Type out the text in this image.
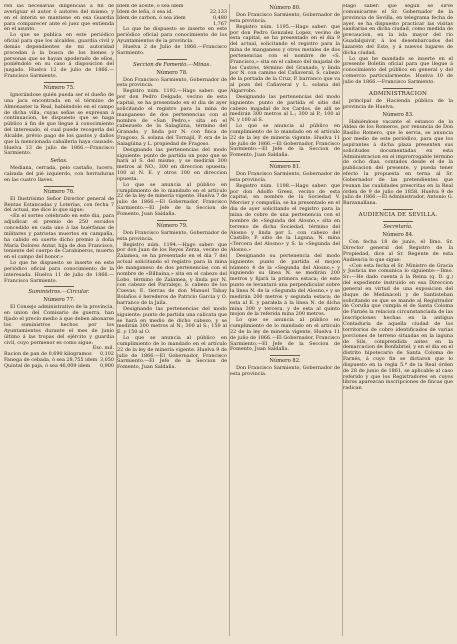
ren las necesarias diligencias á fin de averiguar el autor ó autores del mismo; y en el ínterin se mantiene en esa Guardia para comparecer ante el juez que entienda en el asunto.

Lo que se publica en este periódico oficial para que los alcaldes, guardia civil y demás dependientes de mi autoridad procedan á la busca de los bienes y personas que se hayan apoderado de ellos, poniéndolo en su caso á disposicion del juzgado. Huelva 12 de julio de 1866.—Francisco Sarmiento.

Número 75.

Ignorándose quién pueda ser el dueño de una jaca encontrada en el término de Almonaster la Real, habiéndolo en el campo de dicha villa, cuyas señas se expresan á continuacion, he dispuesto que se haga público á fin de que llegue á conocimiento del interesado, el cual puede recogerla del Alcalde, prévio pago de los gastos y daños que la mencionada caballería haya causado. Huelva 13 de julio de 1866.—Francisco Sarmiento.

Señas.

Mediana, cerrada, pelo castaño, lucero, calzada del pié izquierdo, con herraduras en las cuatro llaves.

Número 76.

El Ilustrísimo Señor Director general de Rentas Estancadas y Loterías, con fecha 7 del actual, me dice lo que sigue:

«En el sorteo celebrado en este dia, para adjudicar el premio de 250 escudos concedido en cada uno á las huérfanas de militares y patriotas muertos en campaña, ha cabido en suerte dicho premio á doña María Dolores Antar, hija de don Francisco, teniente del cuerpo de Carabineros, muerto en el campo del honor.»

Lo que he dispuesto se inserte en este periódico oficial para conocimiento de la interesada. Huelva 11 de julio de 1866.—Francisco Sarmiento.

Suministros.—Circular.
Número 77.

El Consejo administrativo de la provincia, en union del Comisario de guerra, han fijado el precio medio á que deben abonarse los suministros hechos por los Ayuntamientos durante el mes de junio último á las tropas del ejército y guardia civil, cuyo pormenor es como sigue:

Esc. mil.

Racion de pan de 0,690 kilogramos	0,102
Fanega de cebada, ó sea 28,755 idem 3,050
Quintal de paja, ó sea 46,009 idem	0,900
Idem de aceite, ó sea idem
Idem de leña, ó sea id.	22,133
Idem de carbon, ó sea idem	0,480
1,767

Lo que he dispuesto se inserte en este periódico oficial para conocimiento de los Ayuntamientos de la provincia.

Huelva 2 de Julio de 1866.—Francisco Sarmiento.

Seccion de Fomento.—Minas.
Número 78.

Don Francisco Sarmiento, Gobernador de esta provincia.

Registro núm. 1192.—Hago saber: que por don Pedro Delgado, vecino de esta capital, se ha presentado en el dia de ayer solicitando el registro para la mina de manganeso de dos pertenencias con el nombre de «San Pedro,» sita en el cabezuelo de la Salagüina, término del Granado, y linda por N. con finca de Fragoso, S. solana del Tornajil, P. era de la Salagüina y L. propiedad de Fragoso.

Designando las pertenencias del modo siguiente: punto de partida un pozo que se hará al S. del mismo, y se medirán 300 metros al NO.; 300 en direccion opuesta; 100 al N. E. y otros 100 en direccion opuesta.

Lo que se anuncia al público en cumplimiento de lo mandado en el artículo 22 de la ley de minería vigente. Huelva 7 de julio de 1866.—El Gobernador, Francisco Sarmiento.—El Jefe de la Seccion de Fomento, Juan Saldaña.

Número 79.

Don Francisco Sarmiento, Gobernador de esta provincia.

Registro núm. 1194.—Hago saber: que por don Juan de los Reyes Zerza, vecino de Zalamea, se ha presentado en el dia 7 del actual solicitando el registro para la mina de manganeso de dos pertenencias con el nombre de «Bilbaina,» sita en el cabezo del Lobo, término de Zalamea, y linda por N. con cabezo del Parralejo, S. cabezo de los Cuevas, E. tierras de don Manuel Tabay Bolaños ó herederos de Patricio Garcia y O. barranco de la Jaila.

Designando las pertenencias del modo siguiente: punto de partida una calicata que se hará en medio de dicho cabezo, y se medirán 300 metros al N.; 300 al S.; 150 al E. y 150 al O.

Lo que se anuncia al público en cumplimiento de lo mandado en el artículo 22 de la ley de minería vigente. Huelva 9 de julio de 1866.—El Gobernador, Francisco Sarmiento.—El Jefe de la Seccion de Fomento, Juan Saldaña.

Número 80.

Don Francisco Sarmiento, Gobernador de esta provincia.

Registro núm. 1195.—Hago saber: que por don Pedro Gonzalez Lopez, vecino de esta capital, se ha presentado en el dia 9 del actual, solicitando el registro para la mina de manganeso y otros metales de dos pertenencias con el nombre de «S. Francisco,» sita en el cabezo del majadal de los Castros, término del Granado, y linda por N. con camino del Cañaveral, S. cabezo de la portada de la Cruz, P. barranco que va al pozo del Cañaveral y L. solana del Algarrobo.

Designando las pertenencias del modo siguiente: punto de partida el sitio del cabezo majadal de los Cardos, de allí se medirán 300 metros al L.; 300 al P.; 100 al N. y 100 al S.

Lo que se anuncia al público en cumplimiento de lo mandado en el artículo 22 de la ley de minería vigente. Huelva 11 de julio de 1866.—El Gobernador, Francisco Sarmiento.—El Jefe de la Seccion de Fomento, Juan Saldaña.

Número 81.

Don Francisco Sarmiento, Gobernador de esta provincia.

Registro núm. 1198.—Hago saber: que por don Adolfo Greez, vecino de esta capital, en nombre de la Sociedad V. Mercier y compañía, se ha presentado en el dia de ayer solicitando el registro para la mina de cobre de una pertenencia con el nombre de «Segunda del Alosno,» sita en terreno de dicha Sociedad, término del Alosno y linda por L. con cabezo del Castillo, P. sitio de la Laguna, N. mina «Tercera del Alosno» y S. la «Segunda del Alosno.»

Designando su pertenencia del modo siguiente: punto de partida el mojon número 4 de la «Segunda del Alosno,» y siguiendo su línea N. se medirán 200 metros y fijará la primera estaca; de este punto se levantará una perpendicular sobre la línea N. de la «Segunda del Alosno,» y se medirán 200 metros y segunda estaca; de esta al E. y paralela á la línea N. de dicha mina 300 y tercera, y de esta al quinto mojon de la referida mina 200 metros.

Lo que se anuncia al público en cumplimiento de lo mandado en el artículo 22 de la ley de minería vigente. Huelva 11 de julio de 1866.—El Gobernador, Francisco Sarmiento.—El Jefe de la Seccion de Fomento, Juan Saldaña.

Número 82.

Don Francisco Sarmiento, Gobernador de esta provincia.

Hago saber: que según se sirve comunicarme el Sr. Gobernador de la provincia de Sevilla, en telegrama fecha de ayer, se ha dispuesto practicar las visitas sanitarias en dicha ciudad, como medida de precaucion, en la isla mayor del río Guadalquivir, á los desembarcados del lazareto del Este, y á nuevos lugares de dicha ciudad.

Lo que he mandado se inserte en el presente Boletín oficial para que llegue á conocimiento del público en general y del comercio particularmente. Huelva 10 de julio de 1866.—Francisco Sarmiento.

ADMINISTRACION

principal de Hacienda pública de la provincia de Huelva.

Número 83.

Habiéndose vacante el estanco de la Aldea de los Romeros, por renuncia de Don Basilio Romero, que le servia, se anuncia por medio de este periódico, para que los aspirantes á dicha plaza presenten sus solicitudes documentadas en esta Administracion en el improrrogable término de ocho dias, contados desde el de la publicacion del presente, y pueda tener efecto la propuesta en terna al Sr. Gobernador de las pretendientes que reunan las cualidades prescritas en la Real órden de 9 de julio de 1858. Huelva 9 de julio de 1866.—El Administrador, Antonio G. Barzanallana.

AUDIENCIA DE SEVILLA.
Secretaría.
Número 84.

Con fecha 18 de junio, el Ilmo. Sr. Director general del Registro de la Propiedad, dice al Sr. Regente de esta Audiencia lo que sigue:

«Con esta fecha el Sr. Ministro de Gracia y Justicia me comunica lo siguiente:—Ilmo. Sr.:—He dado cuenta á la Reina (q. D. g.) del expediente instruido en esa Direccion general en virtud de una exposicion del duque de Medinaceli y de Santisteban solicitando se que se mande al Registrador de Coruña que cumpla el de Santa Coloma de Farnés la relacion circunstanciada de las inscripciones hechas en la antigua Contaduría de aquella ciudad de los territorios de cobro identificados de varias porciones de terreno situadas en la laguna de Sils, comprendida antes en la demarcacion de Bonfabriel, y en el dia en el distrito hipotecario de Santa Coloma de Farnés, á cuyo fin se dictaron que lo dispuesto en la regla 5.ª de la Real órden de 28 de junio de 1861, se aplicable al caso referido y que los Registradores en cuyos libros aparezcan inscripciones de fincas que radican
